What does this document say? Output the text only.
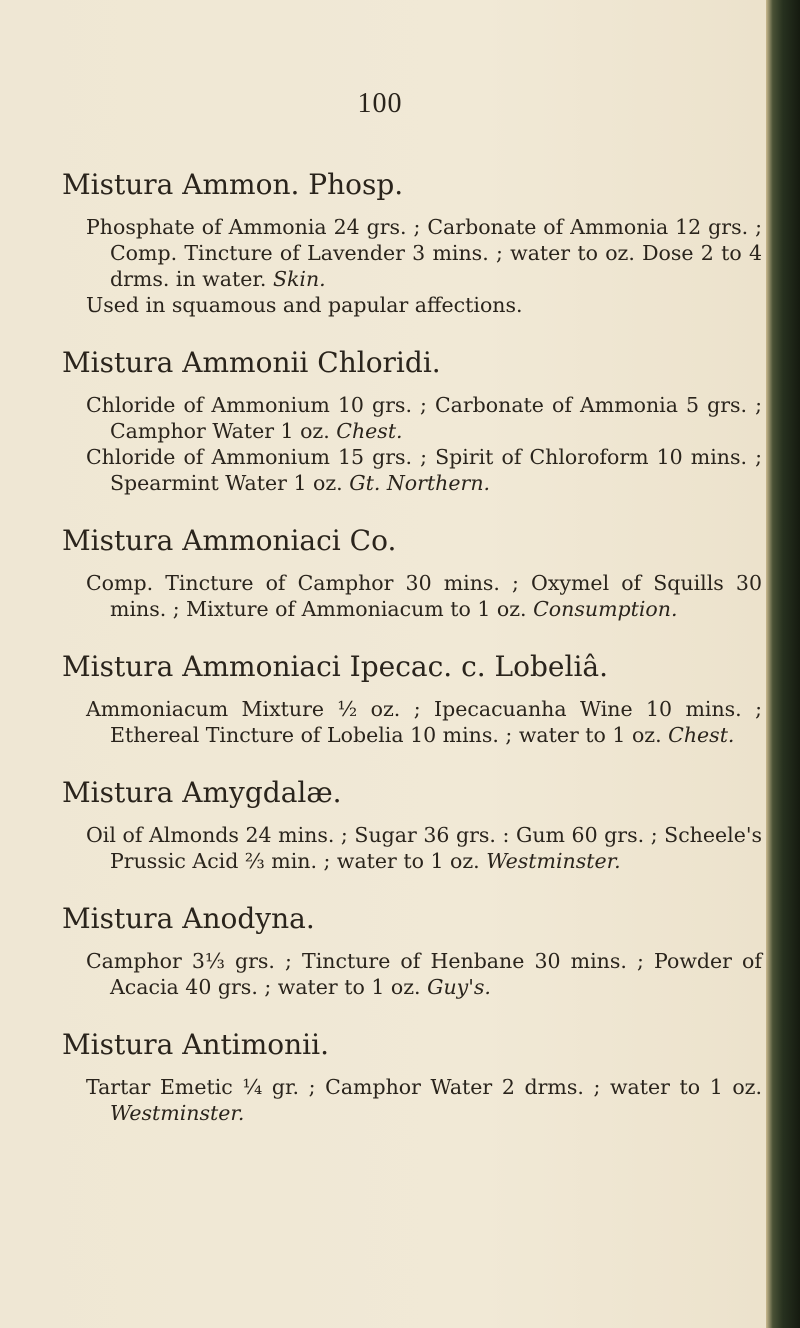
100
Mistura Ammon. Phosp.
Phosphate of Ammonia 24 grs. ; Carbonate of Ammonia 12 grs. ; Comp. Tincture of Lavender 3 mins. ; water to oz. Dose 2 to 4 drms. in water. Skin.
Used in squamous and papular affections.
Mistura Ammonii Chloridi.
Chloride of Ammonium 10 grs. ; Carbonate of Ammonia 5 grs. ; Camphor Water 1 oz. Chest.
Chloride of Ammonium 15 grs. ; Spirit of Chloroform 10 mins. ; Spearmint Water 1 oz. Gt. Northern.
Mistura Ammoniaci Co.
Comp. Tincture of Camphor 30 mins. ; Oxymel of Squills 30 mins. ; Mixture of Ammoniacum to 1 oz. Consumption.
Mistura Ammoniaci Ipecac. c. Lobeliâ.
Ammoniacum Mixture ½ oz. ; Ipecacuanha Wine 10 mins. ; Ethereal Tincture of Lobelia 10 mins. ; water to 1 oz. Chest.
Mistura Amygdalæ.
Oil of Almonds 24 mins. ; Sugar 36 grs. : Gum 60 grs. ; Scheele's Prussic Acid ⅔ min. ; water to 1 oz. Westminster.
Mistura Anodyna.
Camphor 3⅓ grs. ; Tincture of Henbane 30 mins. ; Powder of Acacia 40 grs. ; water to 1 oz. Guy's.
Mistura Antimonii.
Tartar Emetic ¼ gr. ; Camphor Water 2 drms. ; water to 1 oz. Westminster.
